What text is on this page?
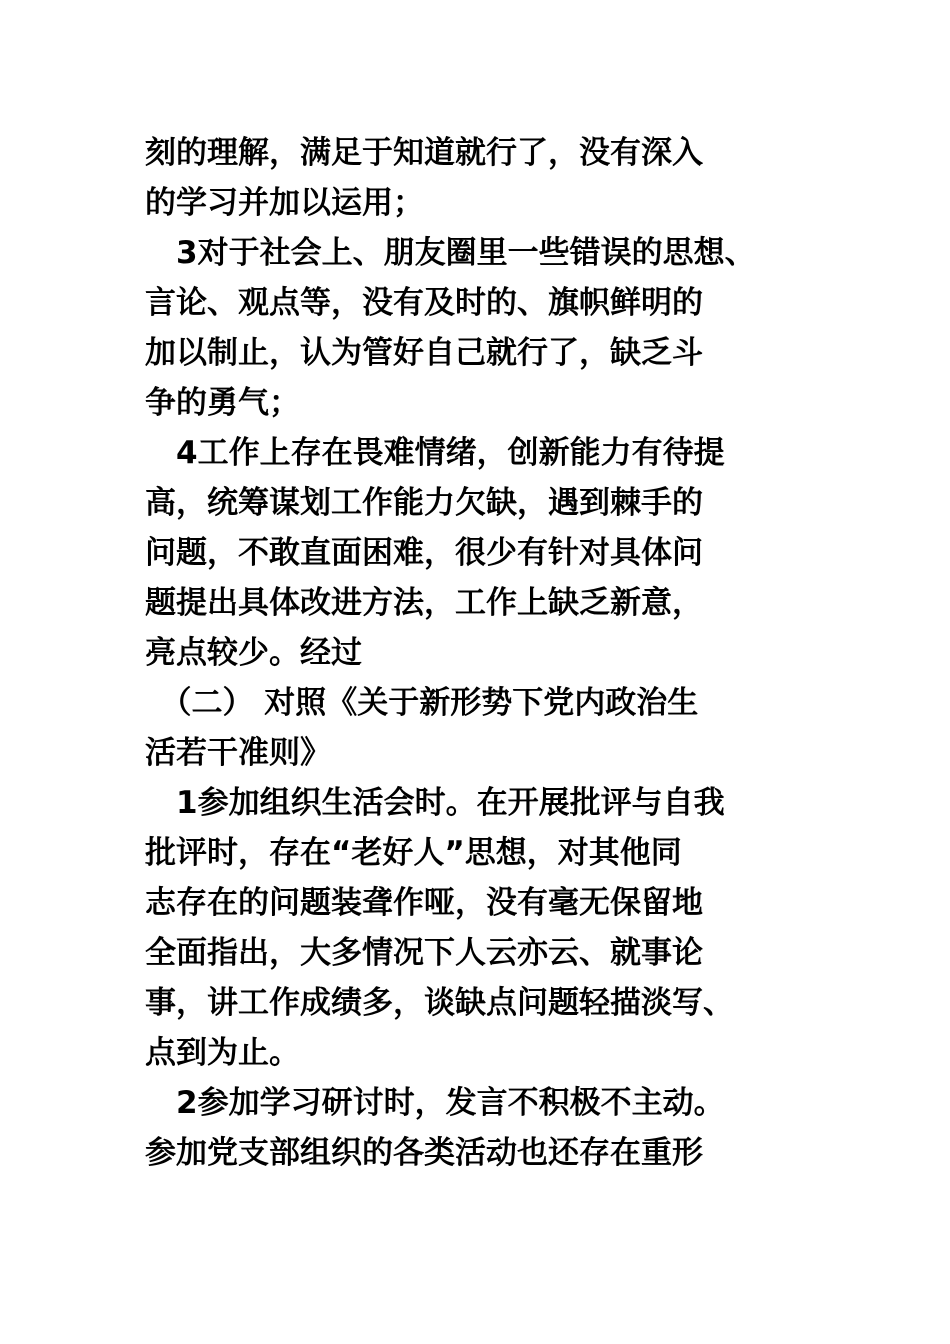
刻的理解，满足于知道就行了，没有深入
的学习并加以运用；
　3对于社会上、朋友圈里一些错误的思想、
言论、观点等，没有及时的、旗帜鲜明的
加以制止，认为管好自己就行了，缺乏斗
争的勇气；
　4工作上存在畏难情绪，创新能力有待提
高，统筹谋划工作能力欠缺，遇到棘手的
问题，不敢直面困难，很少有针对具体问
题提出具体改进方法，工作上缺乏新意，
亮点较少。经过
　（二） 对照《关于新形势下党内政治生
活若干准则》
　1参加组织生活会时。在开展批评与自我
批评时，存在“老好人”思想，对其他同
志存在的问题装聋作哑，没有毫无保留地
全面指出，大多情况下人云亦云、就事论
事，讲工作成绩多，谈缺点问题轻描淡写、
点到为止。
　2参加学习研讨时，发言不积极不主动。
参加党支部组织的各类活动也还存在重形
